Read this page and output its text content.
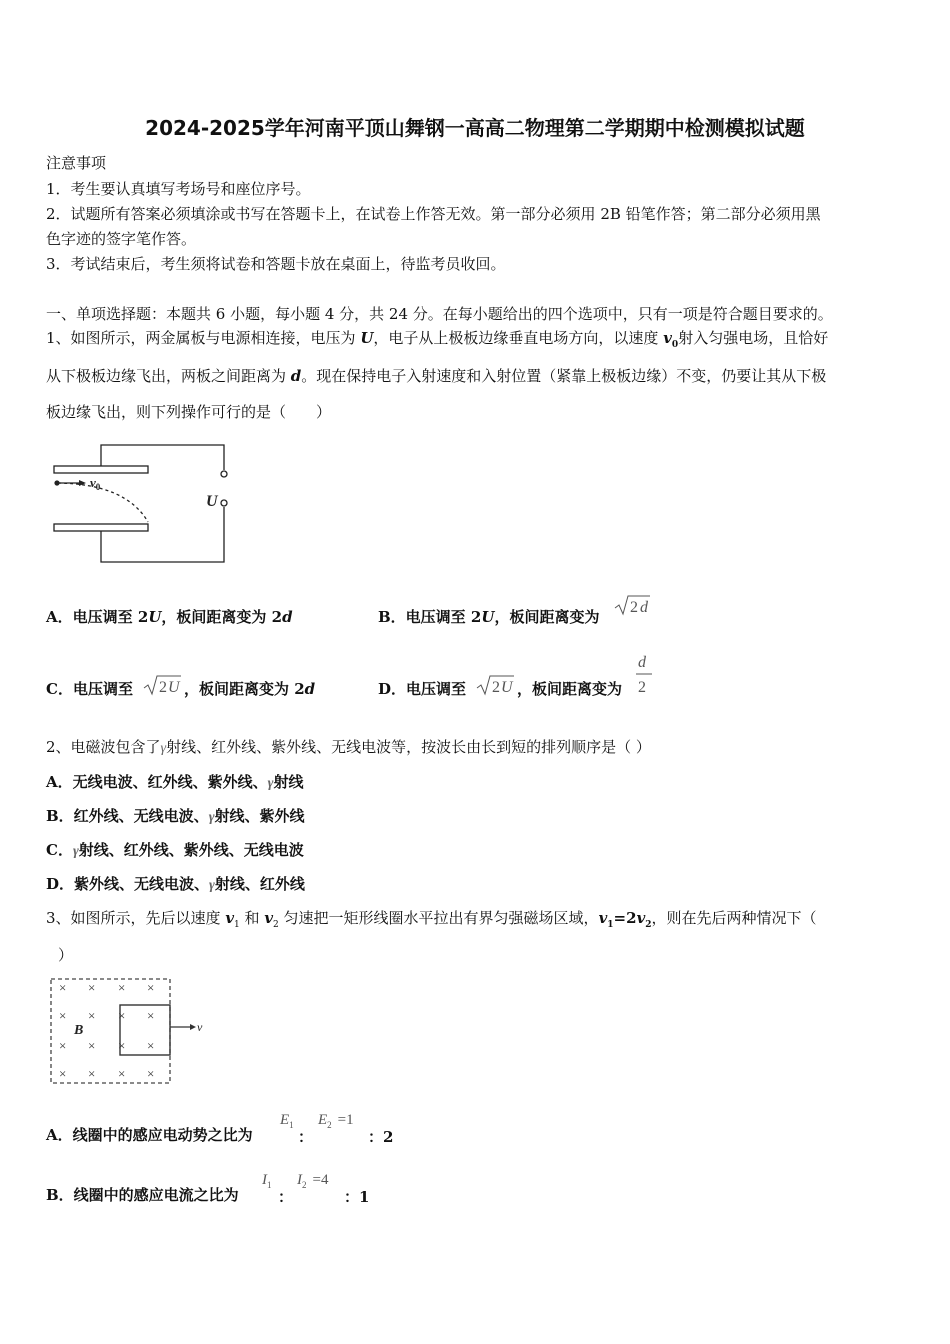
2024-2025学年河南平顶山舞钢一高高二物理第二学期期中检测模拟试题
注意事项
1．考生要认真填写考场号和座位序号。
2．试题所有答案必须填涂或书写在答题卡上，在试卷上作答无效。第一部分必须用 2B 铅笔作答；第二部分必须用黑
色字迹的签字笔作答。
3．考试结束后，考生须将试卷和答题卡放在桌面上，待监考员收回。
一、单项选择题：本题共 6 小题，每小题 4 分，共 24 分。在每小题给出的四个选项中，只有一项是符合题目要求的。
1、如图所示，两金属板与电源相连接，电压为 U，电子从上极板边缘垂直电场方向，以速度 $v_0$射入匀强电场，且恰好
从下极板边缘飞出，两板之间距离为 d。现在保持电子入射速度和入射位置（紧靠上极板边缘）不变，仍要让其从下极
板边缘飞出，则下列操作可行的是（　　）
$v_0$
U
A．电压调至 2U，板间距离变为 2d	B．电压调至 2U，板间距离变为
2 d
C．电压调至 2 U ，板间距离变为 2d	D．电压调至 2 U ，板间距离变为
d
2
2、电磁波包含了γ射线、红外线、紫外线、无线电波等，按波长由长到短的排列顺序是（ ）
A．无线电波、红外线、紫外线、γ射线
B．红外线、无线电波、γ射线、紫外线
C．γ射线、红外线、紫外线、无线电波
D．紫外线、无线电波、γ射线、红外线
3、如图所示，先后以速度 $v_1$ 和 $v_2$ 匀速把一矩形线圈水平拉出有界匀强磁场区域，$v_1=2v_2$，则在先后两种情况下（
）
× × × ×
× × × ×
× × × ×
× × × ×
B	v
A．线圈中的感应电动势之比为
$E_1$
：
$E_2 =1$
：2
B．线圈中的感应电流之比为
$I_1$
：
$I_2 =4$
：1
